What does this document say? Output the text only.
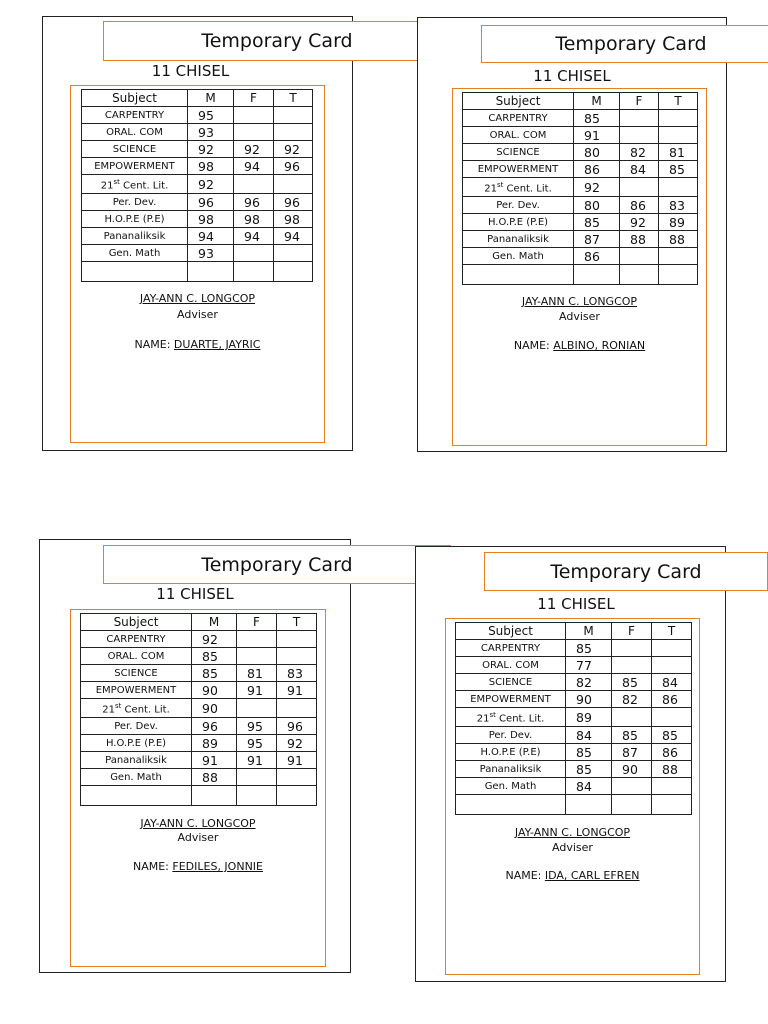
Temporary Card
11 CHISEL
Subject	M	F	T
CARPENTRY	95		
ORAL. COM	93		
SCIENCE	92	92	92
EMPOWERMENT	98	94	96
21st Cent. Lit.	92		
Per. Dev.	96	96	96
H.O.P.E (P.E)	98	98	98
Pananaliksik	94	94	94
Gen. Math	93		

JAY-ANN C. LONGCOP
Adviser
NAME: DUARTE, JAYRIC
Temporary Card
11 CHISEL
Subject	M	F	T
CARPENTRY	85		
ORAL. COM	91		
SCIENCE	80	82	81
EMPOWERMENT	86	84	85
21st Cent. Lit.	92		
Per. Dev.	80	86	83
H.O.P.E (P.E)	85	92	89
Pananaliksik	87	88	88
Gen. Math	86		

JAY-ANN C. LONGCOP
Adviser
NAME: ALBINO, RONIAN
Temporary Card
11 CHISEL
Subject	M	F	T
CARPENTRY	92		
ORAL. COM	85		
SCIENCE	85	81	83
EMPOWERMENT	90	91	91
21st Cent. Lit.	90		
Per. Dev.	96	95	96
H.O.P.E (P.E)	89	95	92
Pananaliksik	91	91	91
Gen. Math	88		

JAY-ANN C. LONGCOP
Adviser
NAME: FEDILES, JONNIE
Temporary Card
11 CHISEL
Subject	M	F	T
CARPENTRY	85		
ORAL. COM	77		
SCIENCE	82	85	84
EMPOWERMENT	90	82	86
21st Cent. Lit.	89		
Per. Dev.	84	85	85
H.O.P.E (P.E)	85	87	86
Pananaliksik	85	90	88
Gen. Math	84		

JAY-ANN C. LONGCOP
Adviser
NAME: IDA, CARL EFREN
